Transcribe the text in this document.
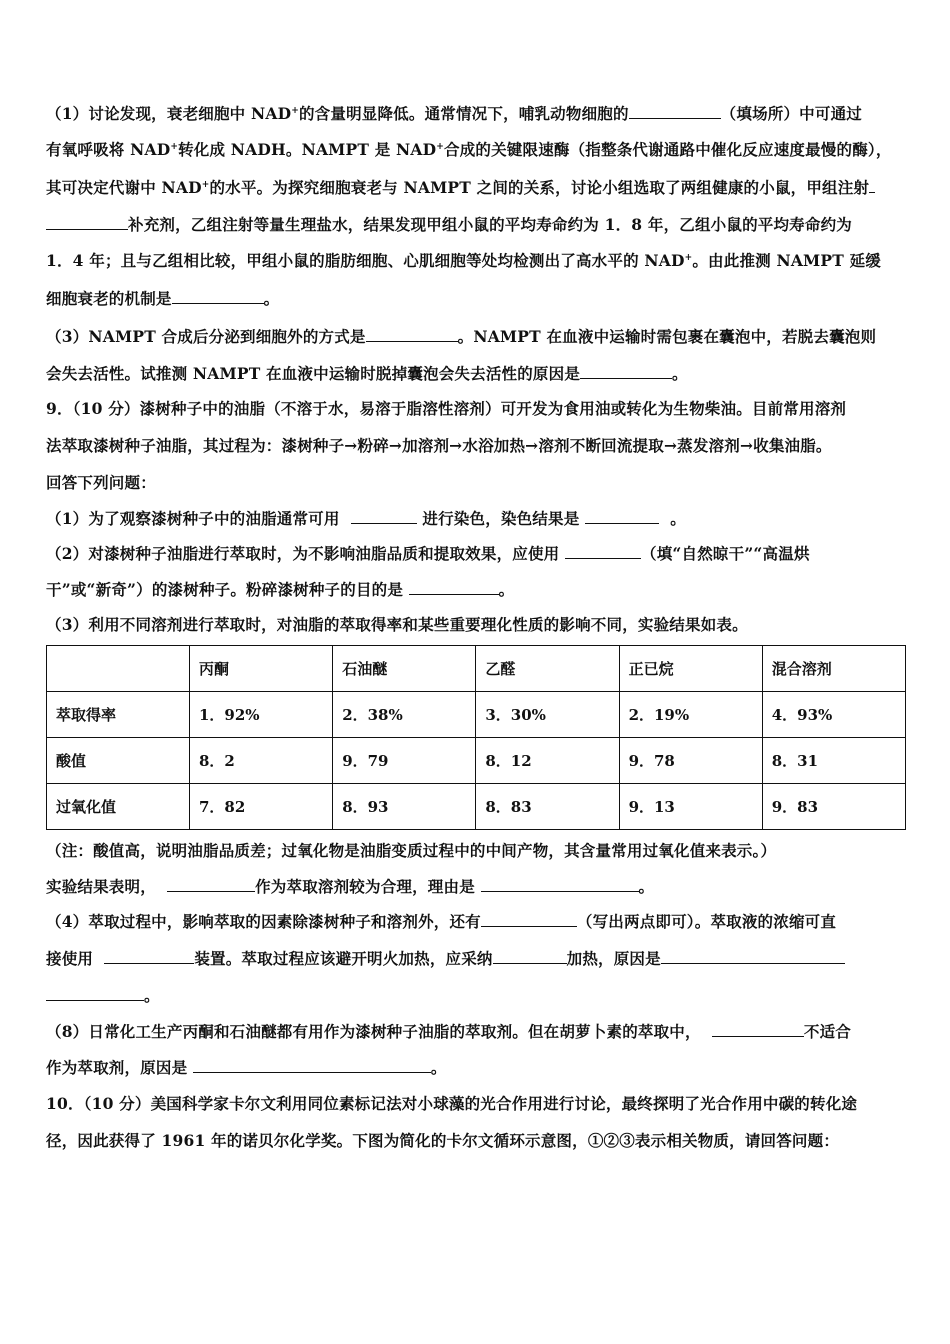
（1）讨论发现，衰老细胞中 NAD+的含量明显降低。通常情况下，哺乳动物细胞的	（填场所）中可通过
有氧呼吸将 NAD+转化成 NADH。NAMPT 是 NAD+合成的关键限速酶（指整条代谢通路中催化反应速度最慢的酶），
其可决定代谢中 NAD+的水平。为探究细胞衰老与 NAMPT 之间的关系，讨论小组选取了两组健康的小鼠，甲组注射
补充剂，乙组注射等量生理盐水，结果发现甲组小鼠的平均寿命约为 1．8 年，乙组小鼠的平均寿命约为
1．4 年；且与乙组相比较，甲组小鼠的脂肪细胞、心肌细胞等处均检测出了高水平的 NAD+。由此推测 NAMPT 延缓
细胞衰老的机制是	。
（3）NAMPT 合成后分泌到细胞外的方式是	。NAMPT 在血液中运输时需包裹在囊泡中，若脱去囊泡则
会失去活性。试推测 NAMPT 在血液中运输时脱掉囊泡会失去活性的原因是	。
9．（10 分）漆树种子中的油脂（不溶于水，易溶于脂溶性溶剂）可开发为食用油或转化为生物柴油。目前常用溶剂
法萃取漆树种子油脂，其过程为：漆树种子→粉碎→加溶剂→水浴加热→溶剂不断回流提取→蒸发溶剂→收集油脂。
回答下列问题：
（1）为了观察漆树种子中的油脂通常可用	进行染色，染色结果是	。
（2）对漆树种子油脂进行萃取时，为不影响油脂品质和提取效果，应使用	（填“自然晾干”“高温烘
干”或“新奇”）的漆树种子。粉碎漆树种子的目的是	。
（3）利用不同溶剂进行萃取时，对油脂的萃取得率和某些重要理化性质的影响不同，实验结果如表。
	丙酮	石油醚	乙醛	正已烷	混合溶剂
萃取得率	1．92%	2．38%	3．30%	2．19%	4．93%
酸值	8．2	9．79	8．12	9．78	8．31
过氧化值	7．82	8．93	8．83	9．13	9．83
（注：酸值高，说明油脂品质差；过氧化物是油脂变质过程中的中间产物，其含量常用过氧化值来表示。）
实验结果表明，	作为萃取溶剂较为合理，理由是	。
（4）萃取过程中，影响萃取的因素除漆树种子和溶剂外，还有	（写出两点即可）。萃取液的浓缩可直
接使用	装置。萃取过程应该避开明火加热，应采纳	加热，原因是
。
（8）日常化工生产丙酮和石油醚都有用作为漆树种子油脂的萃取剂。但在胡萝卜素的萃取中，	不适合
作为萃取剂，原因是	。
10．（10 分）美国科学家卡尔文利用同位素标记法对小球藻的光合作用进行讨论，最终探明了光合作用中碳的转化途
径，因此获得了 1961 年的诺贝尔化学奖。下图为简化的卡尔文循环示意图，①②③表示相关物质，请回答问题：
